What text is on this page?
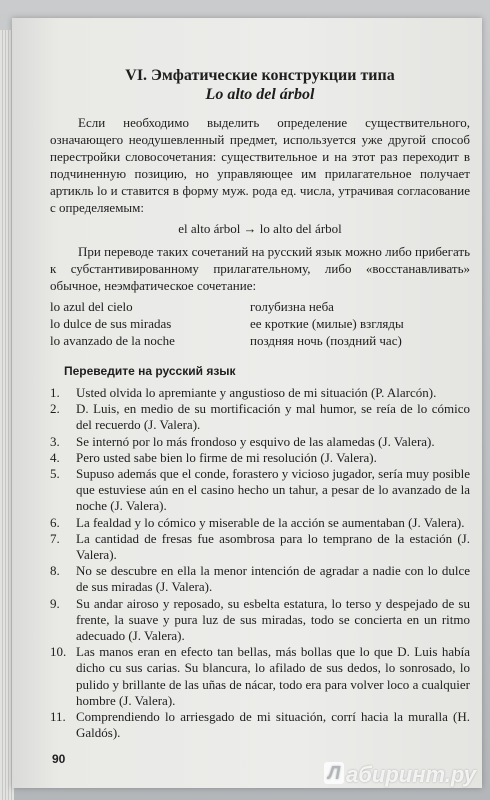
VI. Эмфатические конструкции типа
Lo alto del árbol

Если необходимо выделить определение существительного, означающего неодушевленный предмет, используется уже другой способ перестройки словосочетания: существительное и на этот раз переходит в подчиненную позицию, но управляющее им прилагательное получает артикль lo и ставится в форму муж. рода ед. числа, утрачивая согласование с определяемым:

el alto árbol → lo alto del árbol

При переводе таких сочетаний на русский язык можно либо прибегать к субстантивированному прилагательному, либо «восстанавливать» обычное, неэмфатическое сочетание:

lo azul del cielo	голубизна неба
lo dulce de sus miradas	ее кроткие (милые) взгляды
lo avanzado de la noche	поздняя ночь (поздний час)
Переведите на русский язык
1.	Usted olvida lo apremiante y angustioso de mi situación (P. Alarcón).
2.	D. Luis, en medio de su mortificación y mal humor, se reía de lo cómico del recuerdo (J. Valera).
3.	Se internó por lo más frondoso y esquivo de las alamedas (J. Valera).
4.	Pero usted sabe bien lo firme de mi resolución (J. Valera).
5.	Supuso además que el conde, forastero y vicioso jugador, sería muy posible que estuviese aún en el casino hecho un tahur, a pesar de lo avanzado de la noche (J. Valera).
6.	La fealdad y lo cómico y miserable de la acción se aumentaban (J. Valera).
7.	La cantidad de fresas fue asombrosa para lo temprano de la estación (J. Valera).
8.	No se descubre en ella la menor intención de agradar a nadie con lo dulce de sus miradas (J. Valera).
9.	Su andar airoso y reposado, su esbelta estatura, lo terso y despejado de su frente, la suave y pura luz de sus miradas, todo se concierta en un ritmo adecuado (J. Valera).
10. Las manos eran en efecto tan bellas, más bollas que lo que D. Luis había dicho cu sus carias. Su blancura, lo afilado de sus dedos, lo sonrosado, lo pulido y brillante de las uñas de nácar, todo era para volver loco a cualquier hombre (J. Valera).
11. Comprendiendo lo arriesgado de mi situación, corrí hacia la muralla (H. Galdós).
90
Л абиринт.ру
